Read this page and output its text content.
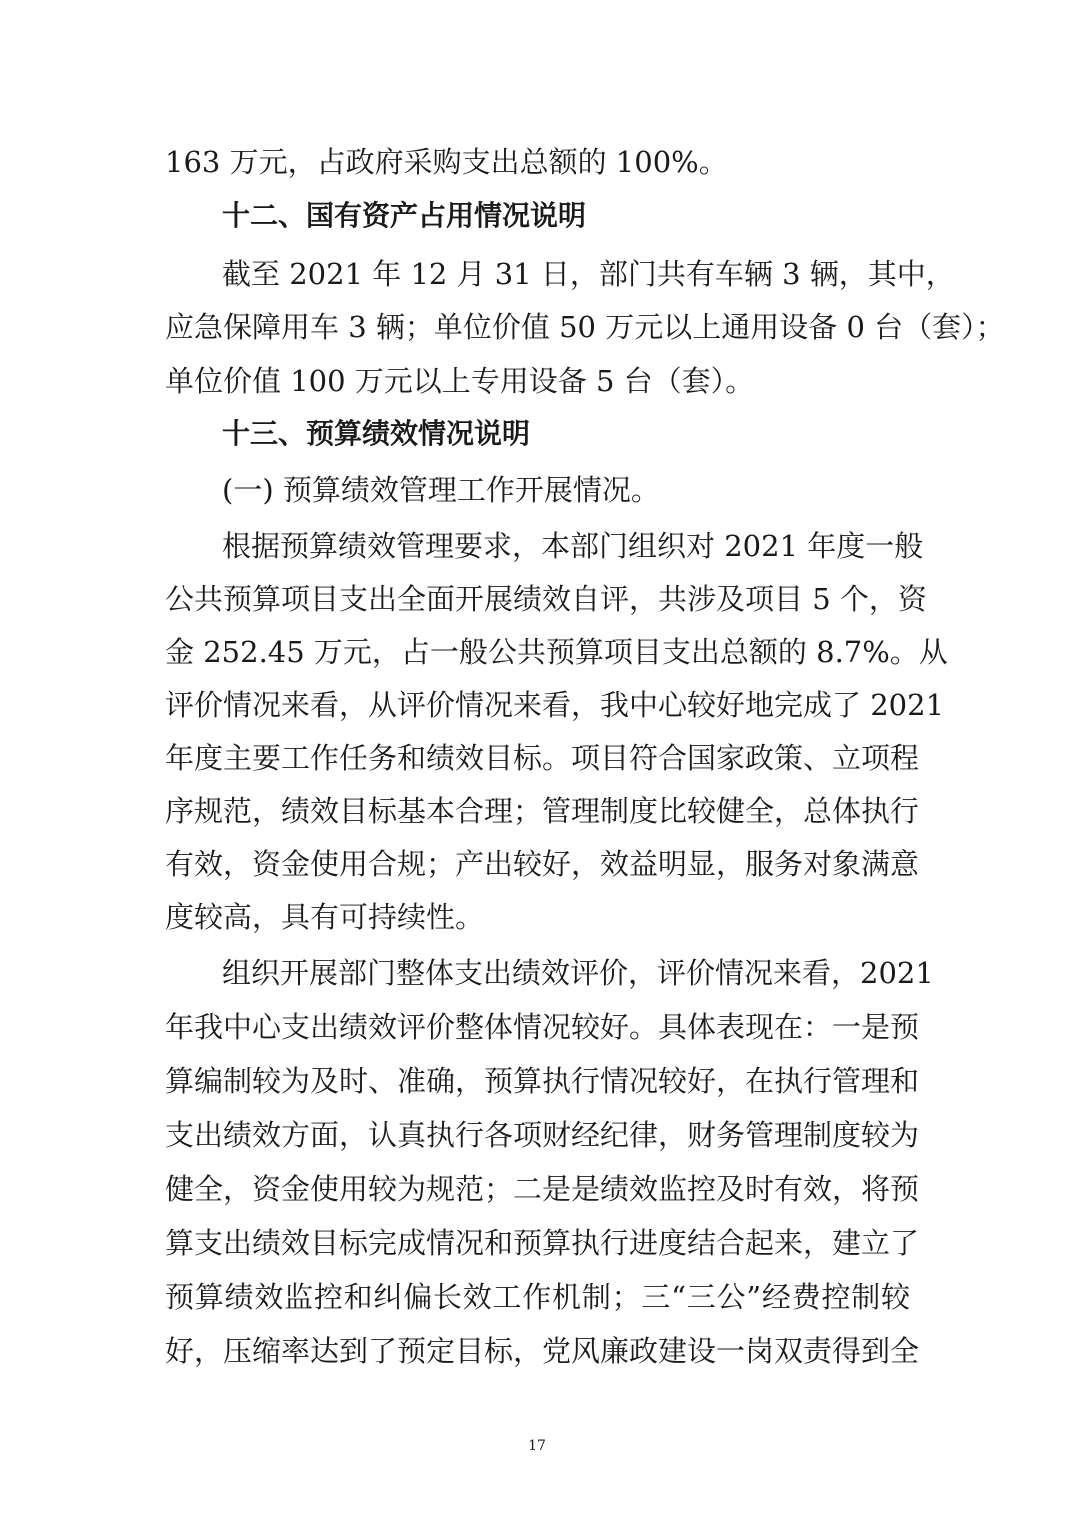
163 万元，占政府采购支出总额的 100%。
十二、国有资产占用情况说明
截至 2021 年 12 月 31 日，部门共有车辆 3 辆，其中，
应急保障用车 3 辆；单位价值 50 万元以上通用设备 0 台（套）；
单位价值 100 万元以上专用设备 5 台（套）。
十三、预算绩效情况说明
(一) 预算绩效管理工作开展情况。
根据预算绩效管理要求，本部门组织对 2021 年度一般
公共预算项目支出全面开展绩效自评，共涉及项目 5 个，资
金 252.45 万元，占一般公共预算项目支出总额的 8.7%。从
评价情况来看，从评价情况来看，我中心较好地完成了 2021
年度主要工作任务和绩效目标。项目符合国家政策、立项程
序规范，绩效目标基本合理；管理制度比较健全，总体执行
有效，资金使用合规；产出较好，效益明显，服务对象满意
度较高，具有可持续性。
组织开展部门整体支出绩效评价，评价情况来看，2021
年我中心支出绩效评价整体情况较好。具体表现在：一是预
算编制较为及时、准确，预算执行情况较好，在执行管理和
支出绩效方面，认真执行各项财经纪律，财务管理制度较为
健全，资金使用较为规范；二是是绩效监控及时有效，将预
算支出绩效目标完成情况和预算执行进度结合起来，建立了
预算绩效监控和纠偏长效工作机制；三“三公”经费控制较
好，压缩率达到了预定目标，党风廉政建设一岗双责得到全
17
